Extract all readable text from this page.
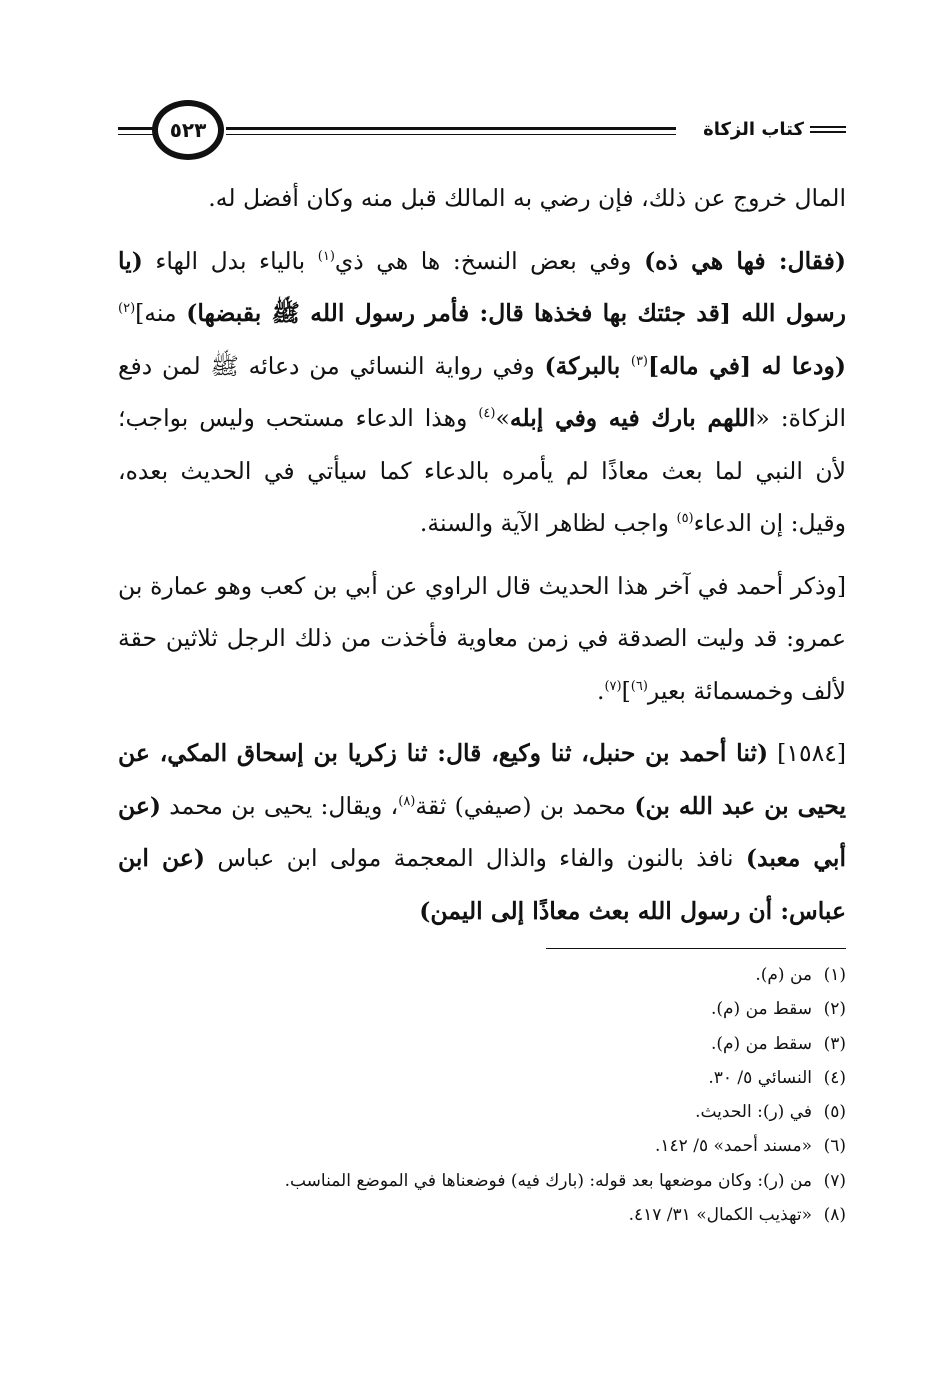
كتاب الزكاة
٥٢٣

المال خروج عن ذلك، فإن رضي به المالك قبل منه وكان أفضل له.

(فقال: فها هي ذه) وفي بعض النسخ: ها هي ذي$^{(١)}$ بالياء بدل الهاء (يا رسول الله [قد جئتك بها فخذها قال: فأمر رسول الله ﷺ بقبضها) منه]$^{(٢)}$ (ودعا له [في ماله]$^{(٣)}$ بالبركة) وفي رواية النسائي من دعائه ﷺ لمن دفع الزكاة: «اللهم بارك فيه وفي إبله»$^{(٤)}$ وهذا الدعاء مستحب وليس بواجب؛ لأن النبي لما بعث معاذًا لم يأمره بالدعاء كما سيأتي في الحديث بعده، وقيل: إن الدعاء$^{(٥)}$ واجب لظاهر الآية والسنة.

[وذكر أحمد في آخر هذا الحديث قال الراوي عن أبي بن كعب وهو عمارة بن عمرو: قد وليت الصدقة في زمن معاوية فأخذت من ذلك الرجل ثلاثين حقة لألف وخمسمائة بعير$^{(٦)}$]$^{(٧)}$.

[١٥٨٤] (ثنا أحمد بن حنبل، ثنا وكيع، قال: ثنا زكريا بن إسحاق المكي، عن يحيى بن عبد الله بن) محمد بن (صيفي) ثقة$^{(٨)}$، ويقال: يحيى بن محمد (عن أبي معبد) نافذ بالنون والفاء والذال المعجمة مولى ابن عباس (عن ابن عباس: أن رسول الله بعث معاذًا إلى اليمن)

(١)من (م).
(٢)سقط من (م).
(٣)سقط من (م).
(٤)النسائي ٥/ ٣٠.
(٥)في (ر): الحديث.
(٦)«مسند أحمد» ٥/ ١٤٢.
(٧)من (ر): وكان موضعها بعد قوله: (بارك فيه) فوضعناها في الموضع المناسب.
(٨)«تهذيب الكمال» ٣١/ ٤١٧.
